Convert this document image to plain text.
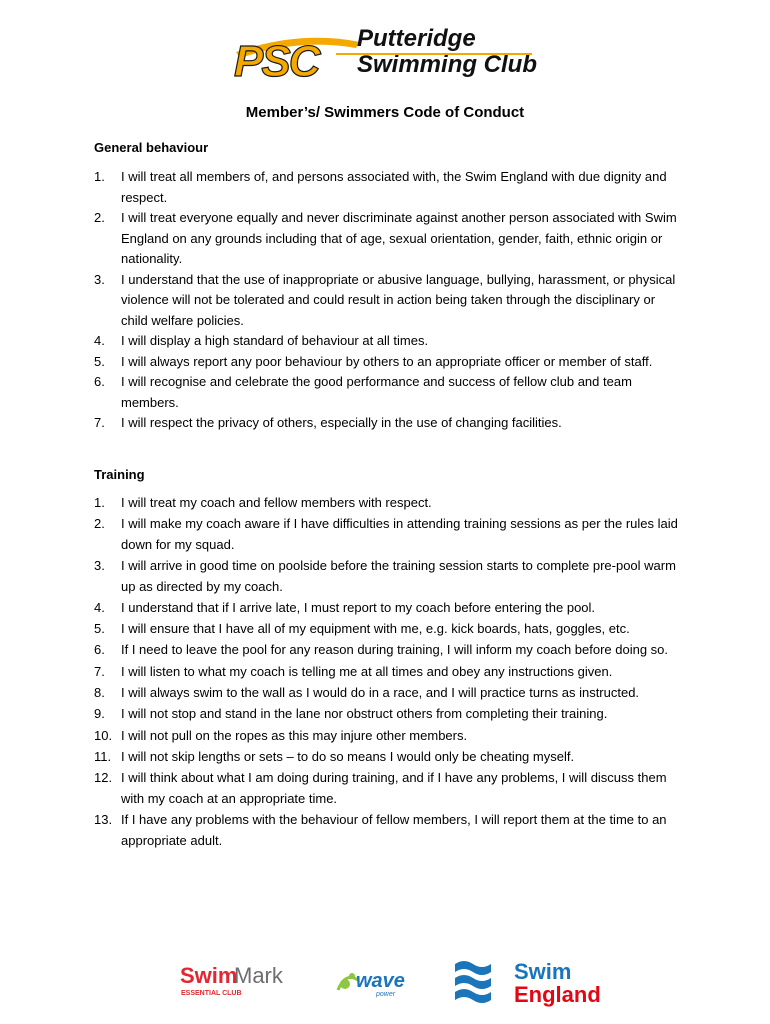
PSC Putteridge
Swimming Club
Member’s/ Swimmers Code of Conduct
General behaviour
1. I will treat all members of, and persons associated with, the Swim England with due dignity and respect.
2. I will treat everyone equally and never discriminate against another person associated with Swim England on any grounds including that of age, sexual orientation, gender, faith, ethnic origin or nationality.
3. I understand that the use of inappropriate or abusive language, bullying, harassment, or physical violence will not be tolerated and could result in action being taken through the disciplinary or child welfare policies.
4. I will display a high standard of behaviour at all times.
5. I will always report any poor behaviour by others to an appropriate officer or member of staff.
6. I will recognise and celebrate the good performance and success of fellow club and team members.
7. I will respect the privacy of others, especially in the use of changing facilities.
Training
1. I will treat my coach and fellow members with respect.
2. I will make my coach aware if I have difficulties in attending training sessions as per the rules laid down for my squad.
3. I will arrive in good time on poolside before the training session starts to complete pre-pool warm up as directed by my coach.
4. I understand that if I arrive late, I must report to my coach before entering the pool.
5. I will ensure that I have all of my equipment with me, e.g. kick boards, hats, goggles, etc.
6. If I need to leave the pool for any reason during training, I will inform my coach before doing so.
7. I will listen to what my coach is telling me at all times and obey any instructions given.
8. I will always swim to the wall as I would do in a race, and I will practice turns as instructed.
9. I will not stop and stand in the lane nor obstruct others from completing their training.
10. I will not pull on the ropes as this may injure other members.
11. I will not skip lengths or sets – to do so means I would only be cheating myself.
12. I will think about what I am doing during training, and if I have any problems, I will discuss them with my coach at an appropriate time.
13. If I have any problems with the behaviour of fellow members, I will report them at the time to an appropriate adult.
Swim
Mark
ESSENTIAL CLUB
wave
power
Swim
England
